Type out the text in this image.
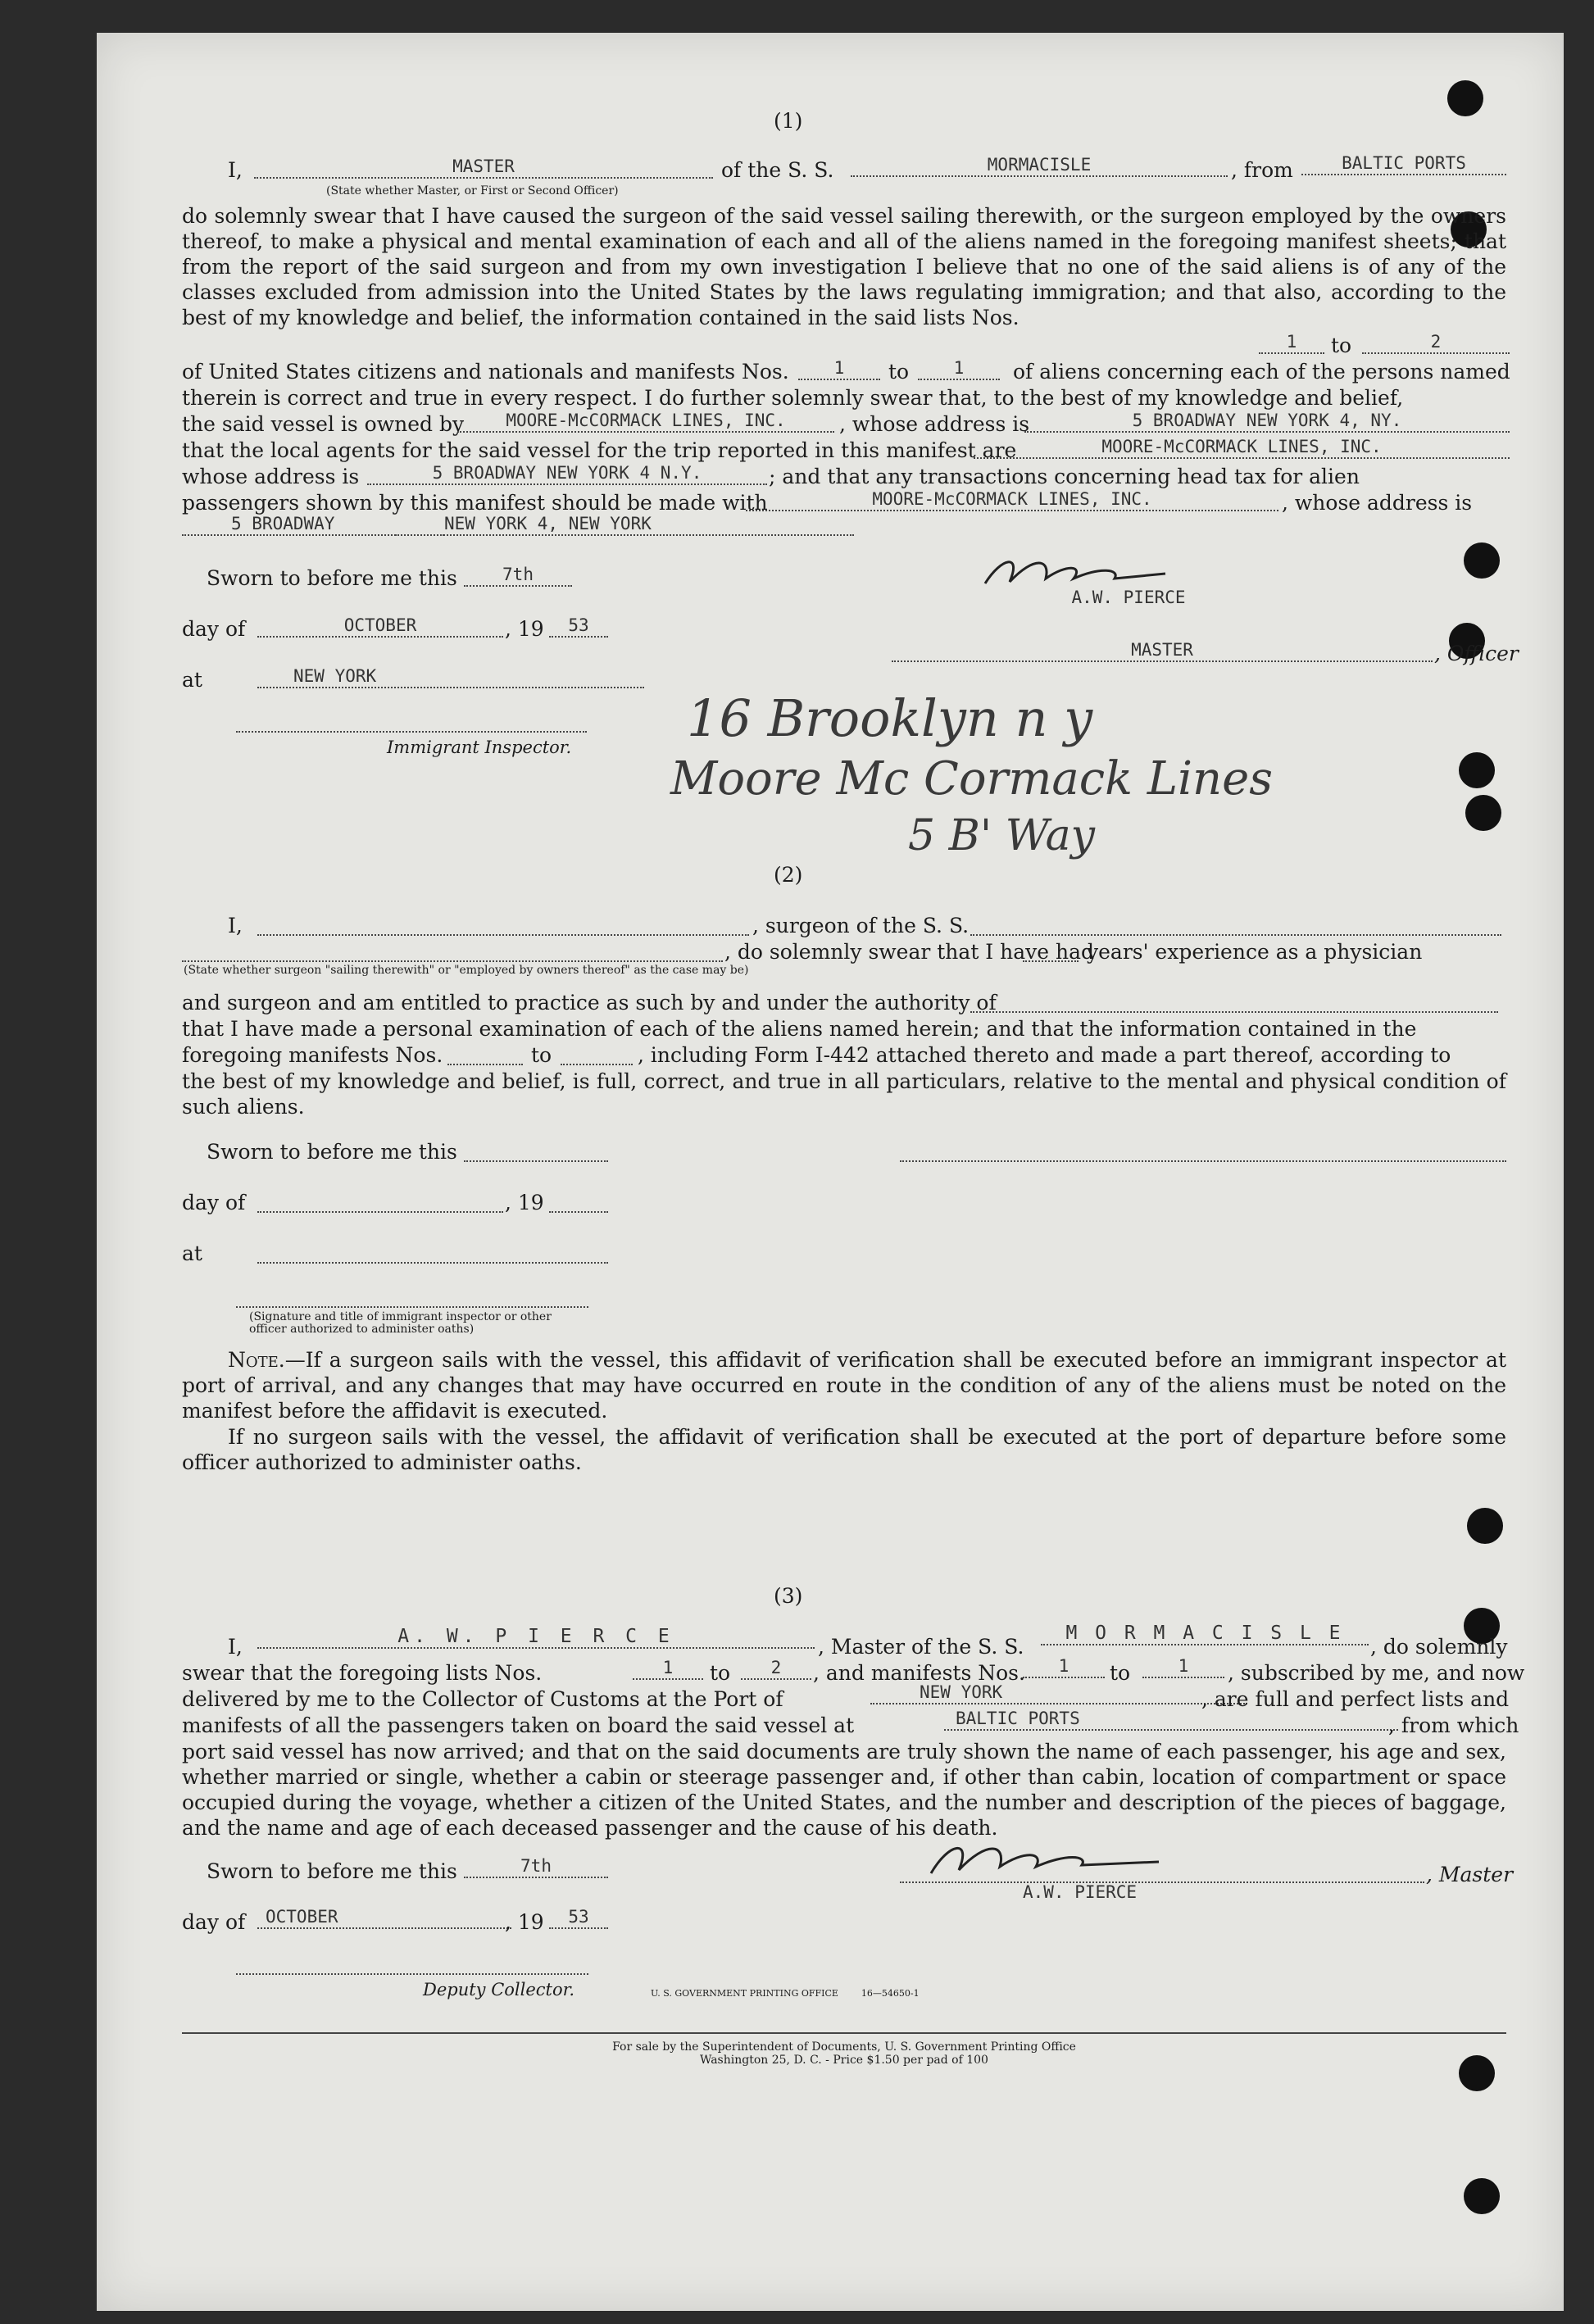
(1)
I,	MASTER
(State whether Master, or First or Second Officer)
of the S. S.	MORMACISLE	, from	BALTIC PORTS
do solemnly swear that I have caused the surgeon of the said vessel sailing therewith, or the surgeon employed by the owners thereof, to make a physical and mental examination of each and all of the aliens named in the foregoing manifest sheets; that from the report of the said surgeon and from my own investigation I believe that no one of the said aliens is of any of the classes excluded from admission into the United States by the laws regulating immigration; and that also, according to the best of my knowledge and belief, the information contained in the said lists Nos.
1	to	2
of United States citizens and nationals and manifests Nos.	1	to	1	of aliens concerning each of the persons named
therein is correct and true in every respect. I do further solemnly swear that, to the best of my knowledge and belief,
the said vessel is owned by	MOORE-McCORMACK LINES, INC.	, whose address is	5 BROADWAY NEW YORK 4, NY.
that the local agents for the said vessel for the trip reported in this manifest are	MOORE-McCORMACK LINES, INC.
whose address is	5 BROADWAY NEW YORK 4 N.Y.	; and that any transactions concerning head tax for alien
passengers shown by this manifest should be made with	MOORE-McCORMACK LINES, INC.	, whose address is
5 BROADWAY	NEW YORK 4, NEW YORK
Sworn to before me this	7th
day of	OCTOBER	, 19	53
at	NEW YORK
Immigrant Inspector.
A.W. PIERCE
MASTER	, Officer
16 Brooklyn n y
Moore Mc Cormack Lines
5 B' Way
(2)
I,	, surgeon of the S. S.
, do solemnly swear that I have had
years' experience as a physician
(State whether surgeon "sailing therewith" or "employed by owners thereof" as the case may be)
and surgeon and am entitled to practice as such by and under the authority of
that I have made a personal examination of each of the aliens named herein; and that the information contained in the
foregoing manifests Nos.	to	, including Form I-442 attached thereto and made a part thereof, according to
the best of my knowledge and belief, is full, correct, and true in all particulars, relative to the mental and physical condition of such aliens.
Sworn to before me this
day of	, 19
at
(Signature and title of immigrant inspector or other officer authorized to administer oaths)
Note.—If a surgeon sails with the vessel, this affidavit of verification shall be executed before an immigrant inspector at port of arrival, and any changes that may have occurred en route in the condition of any of the aliens must be noted on the manifest before the affidavit is executed.
If no surgeon sails with the vessel, the affidavit of verification shall be executed at the port of departure before some officer authorized to administer oaths.
(3)
I,	A. W. P I E R C E	, Master of the S. S.
M O R M A C I S L E
, do solemnly
swear that the foregoing lists Nos.	1	to	2	, and manifests Nos.	1	to	1	, subscribed by me, and now
delivered by me to the Collector of Customs at the Port of	NEW YORK	, are full and perfect lists and
manifests of all the passengers taken on board the said vessel at	BALTIC PORTS	, from which
port said vessel has now arrived; and that on the said documents are truly shown the name of each passenger, his age and sex, whether married or single, whether a cabin or steerage passenger and, if other than cabin, location of compartment or space occupied during the voyage, whether a citizen of the United States, and the number and description of the pieces of baggage, and the name and age of each deceased passenger and the cause of his death.
Sworn to before me this	7th
day of	OCTOBER	, 19	53
Deputy Collector.
A.W. PIERCE
, Master
U. S. GOVERNMENT PRINTING OFFICE        16—54650-1
For sale by the Superintendent of Documents, U. S. Government Printing Office
Washington 25, D. C. - Price $1.50 per pad of 100
